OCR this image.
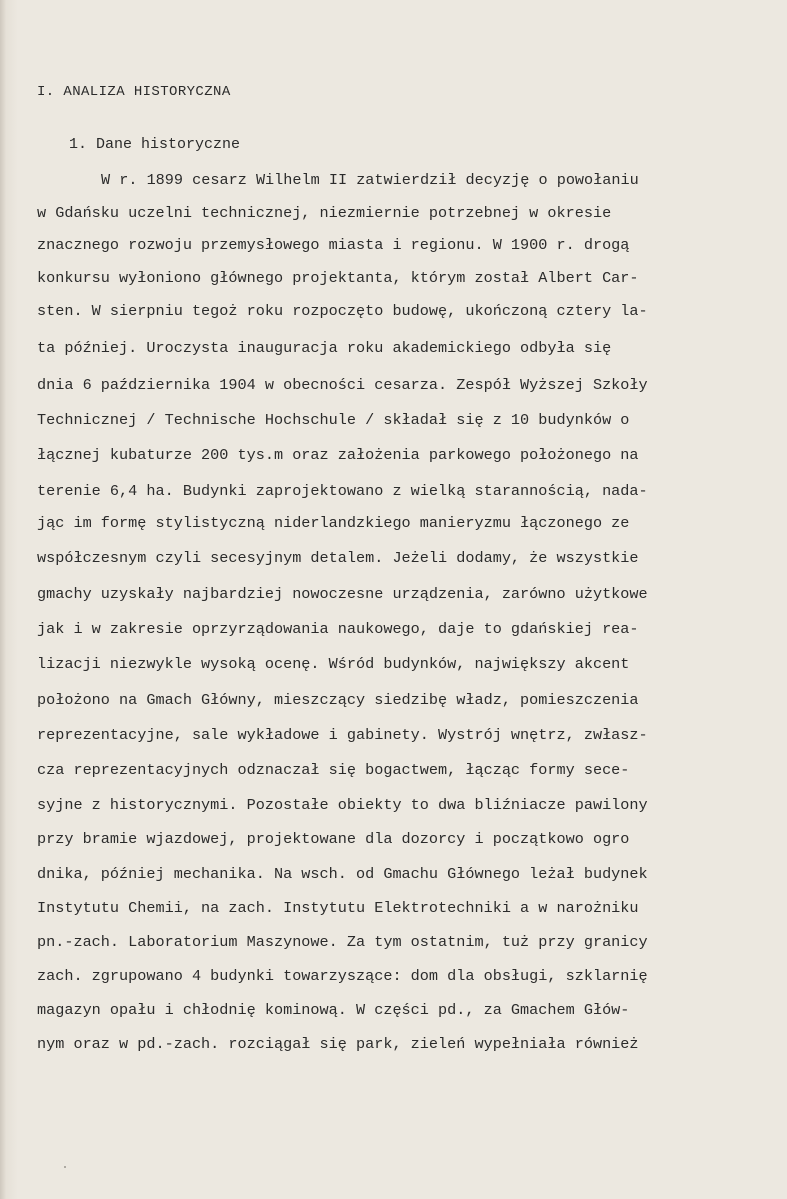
I. ANALIZA HISTORYCZNA
1. Dane historyczne
W r. 1899 cesarz Wilhelm II zatwierdził decyzję o powołaniu
w Gdańsku uczelni technicznej, niezmiernie potrzebnej w okresie
znacznego rozwoju przemysłowego miasta i regionu. W 1900 r. drogą
konkursu wyłoniono głównego projektanta, którym został Albert Car-
sten. W sierpniu tegoż roku rozpoczęto budowę, ukończoną cztery la-
ta później. Uroczysta inauguracja roku akademickiego odbyła się
dnia 6 października 1904 w obecności cesarza. Zespół Wyższej Szkoły
Technicznej / Technische Hochschule / składał się z 10 budynków o
łącznej kubaturze 200 tys.m oraz założenia parkowego położonego na
terenie 6,4 ha. Budynki zaprojektowano z wielką starannością, nada-
jąc im formę stylistyczną niderlandzkiego manieryzmu łączonego ze
współczesnym czyli secesyjnym detalem. Jeżeli dodamy, że wszystkie
gmachy uzyskały najbardziej nowoczesne urządzenia, zarówno użytkowe
jak i w zakresie oprzyrządowania naukowego, daje to gdańskiej rea-
lizacji niezwykle wysoką ocenę. Wśród budynków, największy akcent
położono na Gmach Główny, mieszczący siedzibę władz, pomieszczenia
reprezentacyjne, sale wykładowe i gabinety. Wystrój wnętrz, zwłasz-
cza reprezentacyjnych odznaczał się bogactwem, łącząc formy sece-
syjne z historycznymi. Pozostałe obiekty to dwa bliźniacze pawilony
przy bramie wjazdowej, projektowane dla dozorcy i początkowo ogro
dnika, później mechanika. Na wsch. od Gmachu Głównego leżał budynek
Instytutu Chemii, na zach. Instytutu Elektrotechniki a w narożniku
pn.-zach. Laboratorium Maszynowe. Za tym ostatnim, tuż przy granicy
zach. zgrupowano 4 budynki towarzyszące: dom dla obsługi, szklarnię
magazyn opału i chłodnię kominową. W części pd., za Gmachem Głów-
nym oraz w pd.-zach. rozciągał się park, zieleń wypełniała również
